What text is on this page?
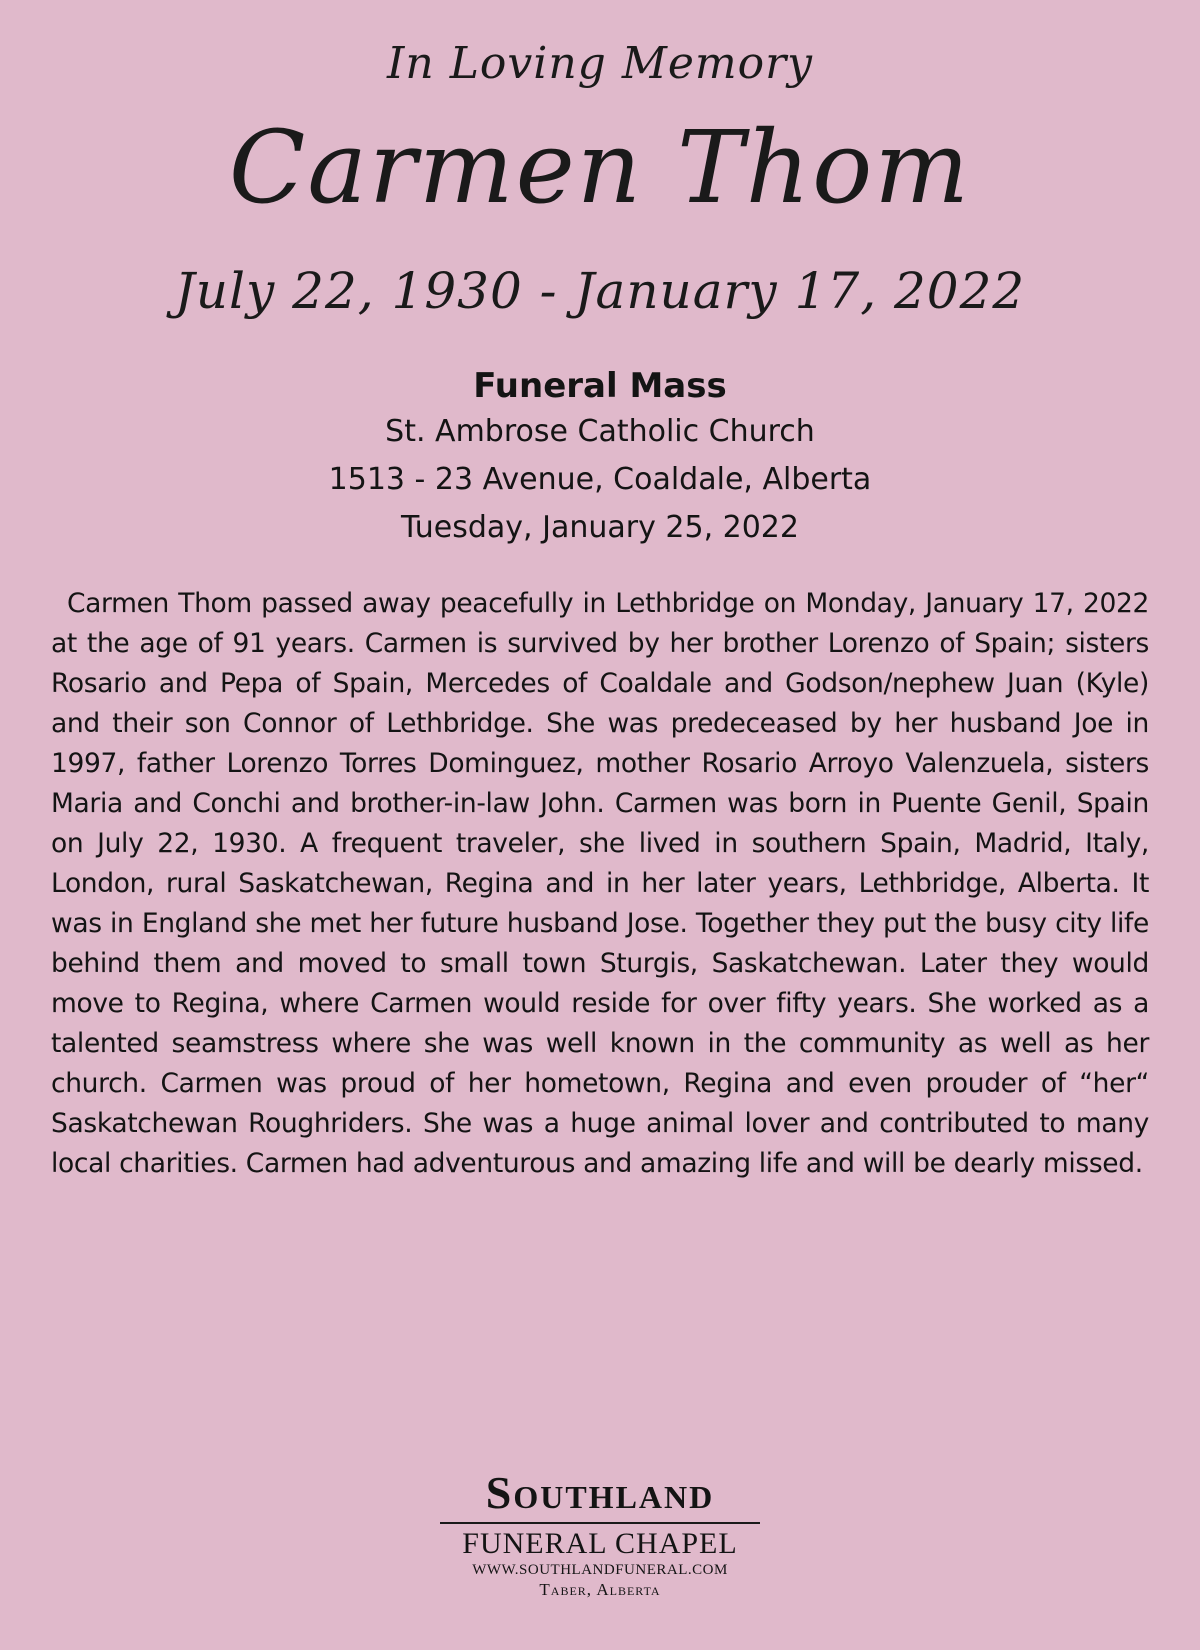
In Loving Memory

Carmen Thom

July 22, 1930 - January 17, 2022

Funeral Mass

St. Ambrose Catholic Church

1513 - 23 Avenue, Coaldale, Alberta

Tuesday, January 25, 2022

Carmen Thom passed away peacefully in Lethbridge on Monday, January 17, 2022 at the age of 91 years. Carmen is survived by her brother Lorenzo of Spain; sisters Rosario and Pepa of Spain, Mercedes of Coaldale and Godson/nephew Juan (Kyle) and their son Connor of Lethbridge. She was predeceased by her husband Joe in 1997, father Lorenzo Torres Dominguez, mother Rosario Arroyo Valenzuela, sisters Maria and Conchi and brother-in-law John. Carmen was born in Puente Genil, Spain on July 22, 1930. A frequent traveler, she lived in southern Spain, Madrid, Italy, London, rural Saskatchewan, Regina and in her later years, Lethbridge, Alberta. It was in England she met her future husband Jose. Together they put the busy city life behind them and moved to small town Sturgis, Saskatchewan. Later they would move to Regina, where Carmen would reside for over fifty years. She worked as a talented seamstress where she was well known in the community as well as her church. Carmen was proud of her hometown, Regina and even prouder of “her“ Saskatchewan Roughriders. She was a huge animal lover and contributed to many local charities. Carmen had adventurous and amazing life and will be dearly missed.

Southland

FUNERAL CHAPEL

WWW.SOUTHLANDFUNERAL.COM

Taber, Alberta
